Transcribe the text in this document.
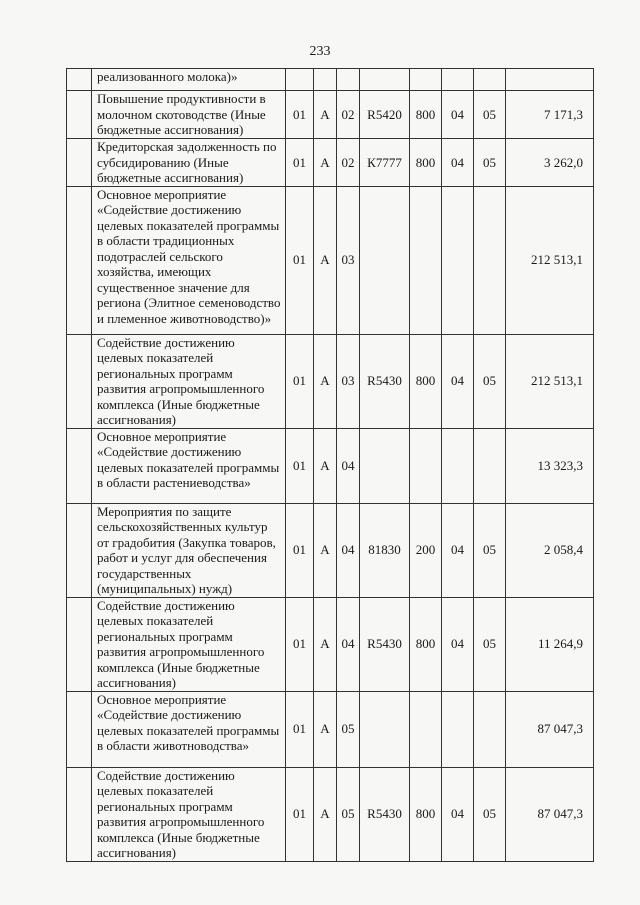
233
	реализованного молока)»								
	Повышение продуктивности в молочном скотоводстве (Иные бюджетные ассигнования)	01	А	02	R5420	800	04	05	7 171,3
	Кредиторская задолженность по субсидированию (Иные бюджетные ассигнования)	01	А	02	К7777	800	04	05	3 262,0
	Основное мероприятие «Содействие достижению целевых показателей программы в области традиционных подотраслей сельского хозяйства, имеющих существенное значение для региона (Элитное семеноводство и племенное животноводство)»	01	А	03					212 513,1
	Содействие достижению целевых показателей региональных программ развития агропромышленного комплекса (Иные бюджетные ассигнования)	01	А	03	R5430	800	04	05	212 513,1
	Основное мероприятие «Содействие достижению целевых показателей программы в области растениеводства»	01	А	04					13 323,3
	Мероприятия по защите сельскохозяйственных культур от градобития (Закупка товаров, работ и услуг для обеспечения государственных (муниципальных) нужд)	01	А	04	81830	200	04	05	2 058,4
	Содействие достижению целевых показателей региональных программ развития агропромышленного комплекса (Иные бюджетные ассигнования)	01	А	04	R5430	800	04	05	11 264,9
	Основное мероприятие «Содействие достижению целевых показателей программы в области животноводства»	01	А	05					87 047,3
	Содействие достижению целевых показателей региональных программ развития агропромышленного комплекса (Иные бюджетные ассигнования)	01	А	05	R5430	800	04	05	87 047,3
